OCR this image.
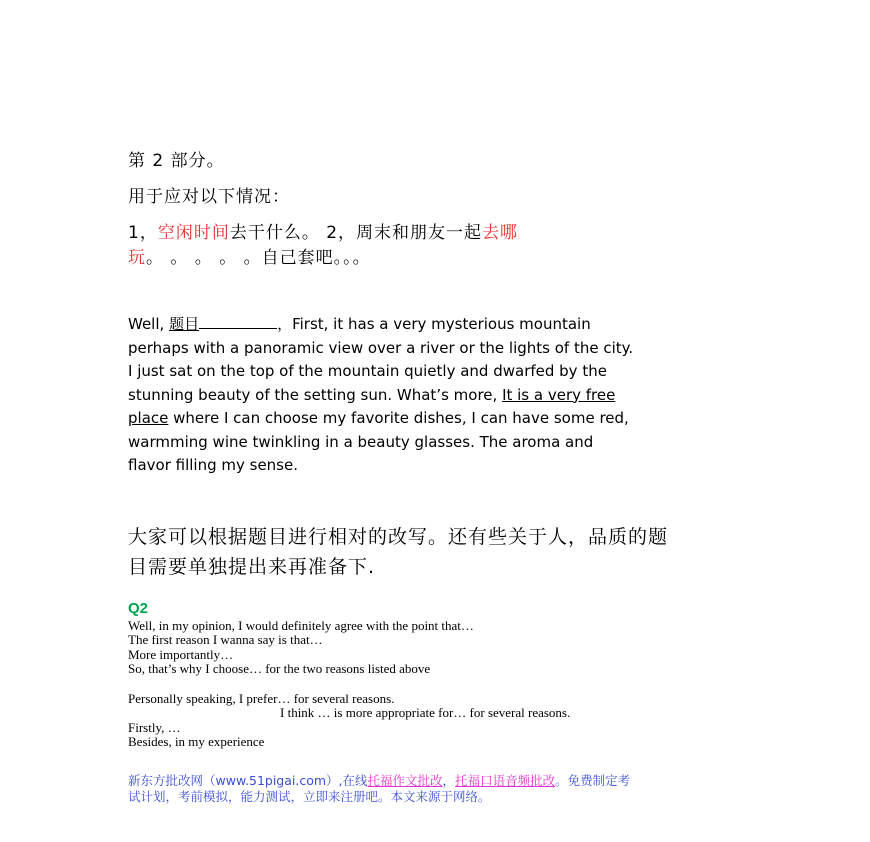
第 2 部分。
用于应对以下情况：
1，空闲时间去干什么。 2，周末和朋友一起去哪
玩。 。 。 。 。自己套吧。。。
Well, 题目	，First, it has a very mysterious mountain
perhaps with a panoramic view over a river or the lights of the city.
I just sat on the top of the mountain quietly and dwarfed by the
stunning beauty of the setting sun. What’s more, It is a very free
place where I can choose my favorite dishes, I can have some red,
warmming wine twinkling in a beauty glasses. The aroma and
flavor filling my sense.
大家可以根据题目进行相对的改写。还有些关于人，品质的题
目需要单独提出来再准备下.
Q2
Well, in my opinion, I would definitely agree with the point that…
The first reason I wanna say is that…
More importantly…
So, that’s why I choose… for the two reasons listed above
Personally speaking, I prefer… for several reasons.
I think … is more appropriate for… for several reasons.
Firstly, …
Besides, in my experience
新东方批改网（www.51pigai.com）,在线托福作文批改，托福口语音频批改。免费制定考
试计划，考前模拟，能力测试，立即来注册吧。本文来源于网络。
